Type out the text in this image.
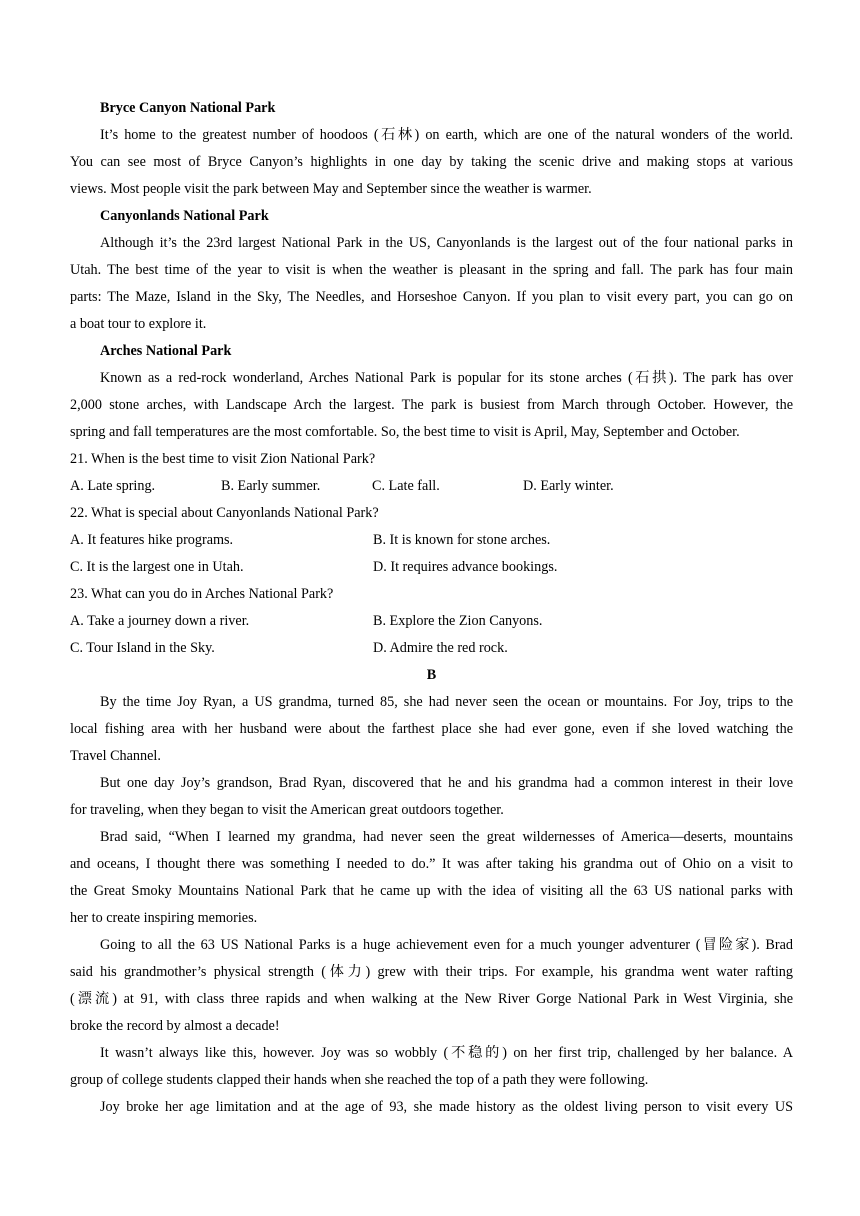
Bryce Canyon National Park
It’s home to the greatest number of hoodoos (石林) on earth, which are one of the natural wonders of the world.
You can see most of Bryce Canyon’s highlights in one day by taking the scenic drive and making stops at various
views. Most people visit the park between May and September since the weather is warmer.
Canyonlands National Park
Although it’s the 23rd largest National Park in the US, Canyonlands is the largest out of the four national parks in
Utah. The best time of the year to visit is when the weather is pleasant in the spring and fall. The park has four main
parts: The Maze, Island in the Sky, The Needles, and Horseshoe Canyon. If you plan to visit every part, you can go on
a boat tour to explore it.
Arches National Park
Known as a red-rock wonderland, Arches National Park is popular for its stone arches (石拱). The park has over
2,000 stone arches, with Landscape Arch the largest. The park is busiest from March through October. However, the
spring and fall temperatures are the most comfortable. So, the best time to visit is April, May, September and October.
21. When is the best time to visit Zion National Park?
A. Late spring.	B. Early summer.	C. Late fall.	D. Early winter.
22. What is special about Canyonlands National Park?
A. It features hike programs.	B. It is known for stone arches.
C. It is the largest one in Utah.	D. It requires advance bookings.
23. What can you do in Arches National Park?
A. Take a journey down a river.	B. Explore the Zion Canyons.
C. Tour Island in the Sky.	D. Admire the red rock.
B
By the time Joy Ryan, a US grandma, turned 85, she had never seen the ocean or mountains. For Joy, trips to the
local fishing area with her husband were about the farthest place she had ever gone, even if she loved watching the
Travel Channel.
But one day Joy’s grandson, Brad Ryan, discovered that he and his grandma had a common interest in their love
for traveling, when they began to visit the American great outdoors together.
Brad said, “When I learned my grandma, had never seen the great wildernesses of America—deserts, mountains
and oceans, I thought there was something I needed to do.” It was after taking his grandma out of Ohio on a visit to
the Great Smoky Mountains National Park that he came up with the idea of visiting all the 63 US national parks with
her to create inspiring memories.
Going to all the 63 US National Parks is a huge achievement even for a much younger adventurer (冒险家). Brad
said his grandmother’s physical strength (体力) grew with their trips. For example, his grandma went water rafting
(漂流) at 91, with class three rapids and when walking at the New River Gorge National Park in West Virginia, she
broke the record by almost a decade!
It wasn’t always like this, however. Joy was so wobbly (不稳的) on her first trip, challenged by her balance. A
group of college students clapped their hands when she reached the top of a path they were following.
Joy broke her age limitation and at the age of 93, she made history as the oldest living person to visit every US
